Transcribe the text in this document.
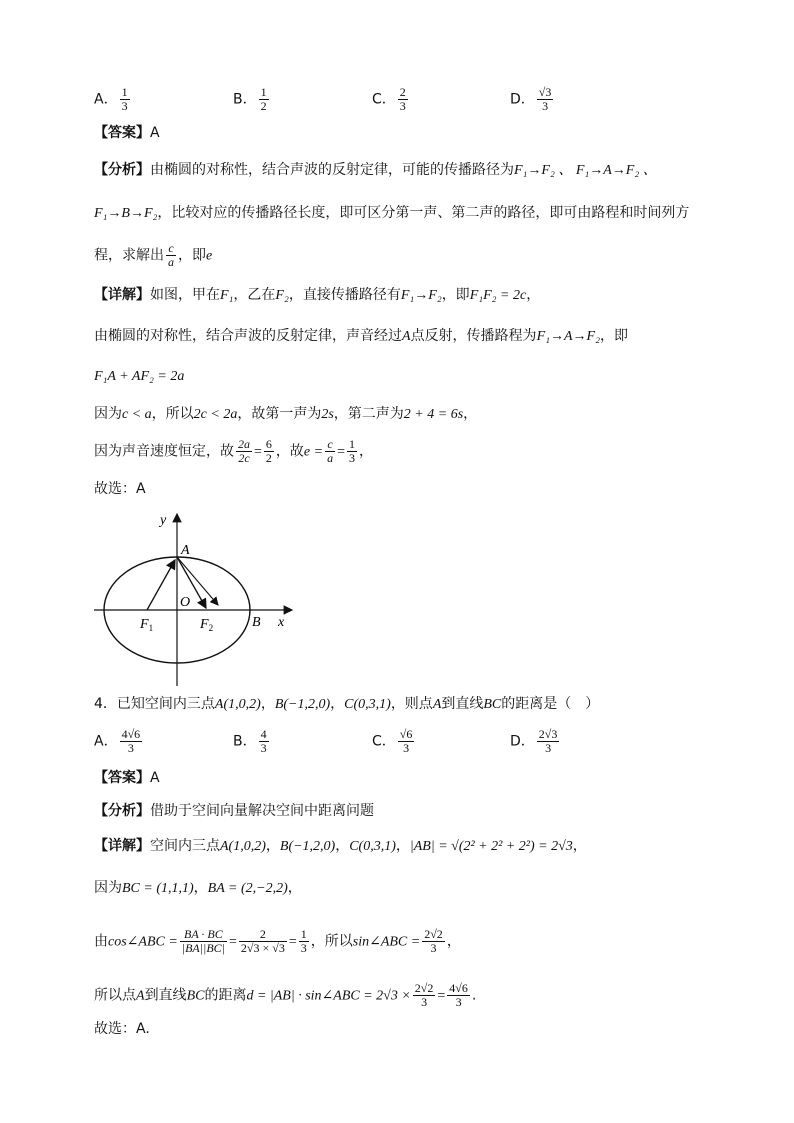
A． $\frac{1}{3}$	B． $\frac{1}{2}$	C． $\frac{2}{3}$	D． $\frac{√3}{3}$
【答案】A
【分析】由椭圆的对称性，结合声波的反射定律，可能的传播路径为F₁→F₂ 、 F₁→A→F₂ 、
F₁→B→F₂，比较对应的传播路径长度，即可区分第一声、第二声的路径，即可由路程和时间列方
程，求解出 $\frac{c}{a}$ ，即e
【详解】如图，甲在F₁，乙在F₂，直接传播路径有F₁→F₂，即F₁F₂ = 2c，
由椭圆的对称性，结合声波的反射定律，声音经过A点反射，传播路程为F₁→A→F₂，即
F₁A + AF₂ = 2a
因为c < a，所以2c < 2a，故第一声为2s，第二声为2 + 4 = 6s，
因为声音速度恒定，故 $\frac{2a}{2c} = \frac{6}{2}$ ，故$e = \frac{c}{a} = \frac{1}{3}$ ，
故选：A
y
x
A
O
$F_1$	$F_2$	B
4．已知空间内三点A(1,0,2)，B(−1,2,0)，C(0,3,1)，则点A到直线BC的距离是（　）
A． $\frac{4√6}{3}$	B． $\frac{4}{3}$	C． $\frac{√6}{3}$	D． $\frac{2√3}{3}$
【答案】A
【分析】借助于空间向量解决空间中距离问题
【详解】空间内三点A(1,0,2)，B(−1,2,0)，C(0,3,1)，|AB| = √(2² + 2² + 2²) = 2√3，
因为BC = (1,1,1)，BA = (2,−2,2)，
由cos∠ABC = $\frac{BA \cdot BC}{|BA||BC|} = \frac{2}{2√3 \times √3} = \frac{1}{3}$ ，所以sin∠ABC = $\frac{2√2}{3}$ ，
所以点A到直线BC的距离d = |AB| · sin∠ABC = $2√3 \times \frac{2√2}{3} = \frac{4√6}{3}$ .
故选：A.
